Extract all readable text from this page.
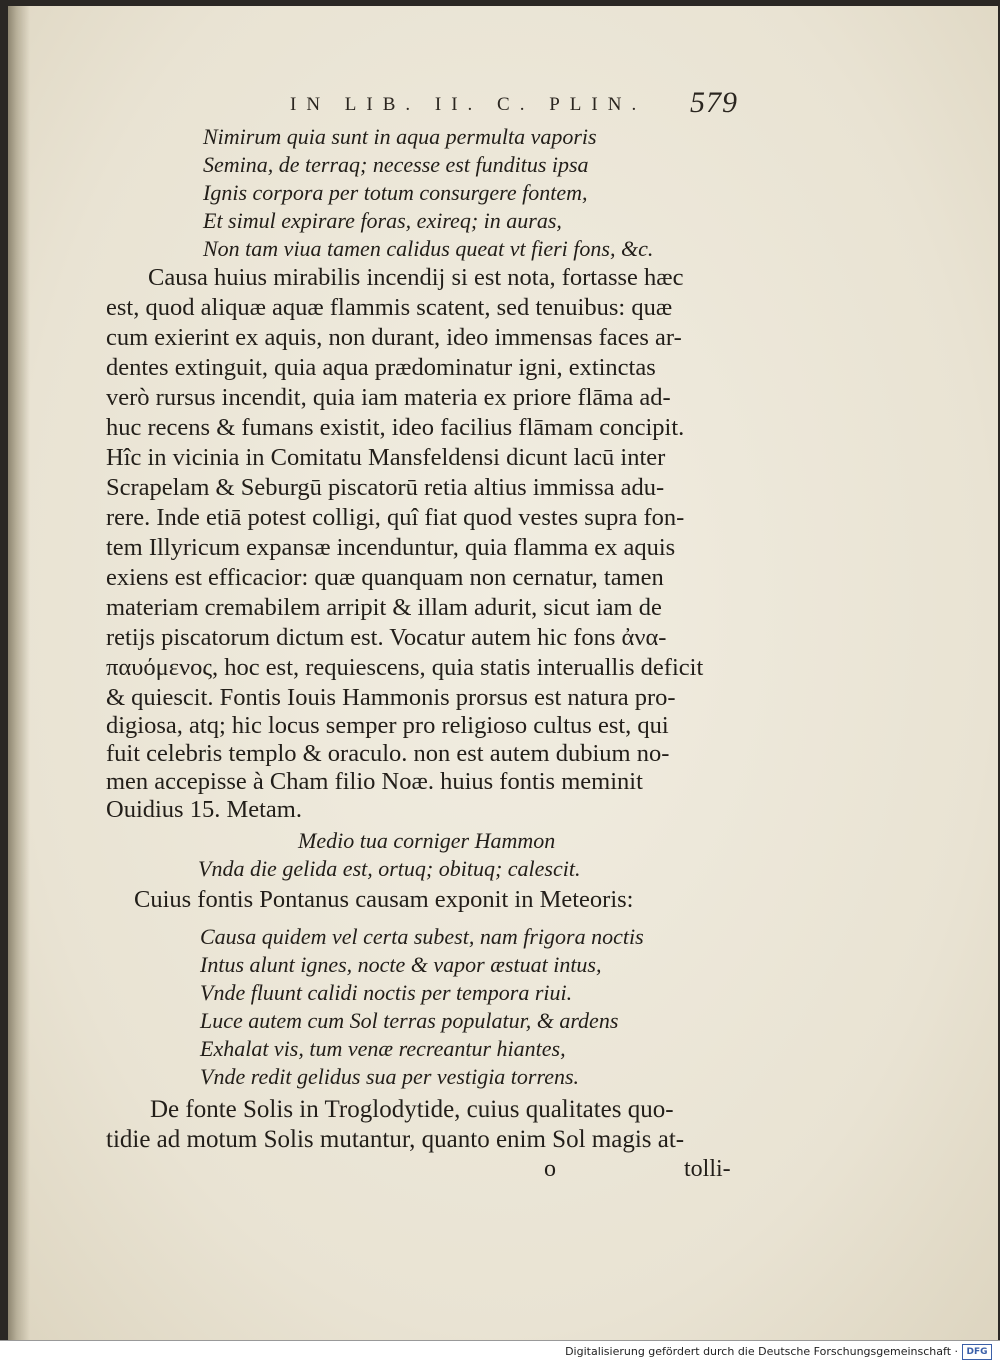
IN LIB. II. C. PLIN. 579

Nimirum quia sunt in aqua permulta vaporis

Semina, de terraq; necesse est funditus ipsa

Ignis corpora per totum consurgere fontem,

Et simul expirare foras, exireq; in auras,

Non tam viua tamen calidus queat vt fieri fons, &c.

Causa huius mirabilis incendij si est nota, fortasse hæc

est, quod aliquæ aquæ flammis scatent, sed tenuibus: quæ

cum exierint ex aquis, non durant, ideo immensas faces ar-

dentes extinguit, quia aqua prædominatur igni, extinctas

verò rursus incendit, quia iam materia ex priore flāma ad-

huc recens & fumans existit, ideo facilius flāmam concipit.

Hîc in vicinia in Comitatu Mansfeldensi dicunt lacū inter

Scrapelam & Seburgū piscatorū retia altius immissa adu-

rere. Inde etiā potest colligi, quî fiat quod vestes supra fon-

tem Illyricum expansæ incenduntur, quia flamma ex aquis

exiens est efficacior: quæ quanquam non cernatur, tamen

materiam cremabilem arripit & illam adurit, sicut iam de

retijs piscatorum dictum est. Vocatur autem hic fons ἀνα-

παυόμενος, hoc est, requiescens, quia statis interuallis deficit

& quiescit. Fontis Iouis Hammonis prorsus est natura pro-

digiosa, atq; hic locus semper pro religioso cultus est, qui

fuit celebris templo & oraculo. non est autem dubium no-

men accepisse à Cham filio Noæ. huius fontis meminit

Ouidius 15. Metam.

Medio tua corniger Hammon

Vnda die gelida est, ortuq; obituq; calescit.

Cuius fontis Pontanus causam exponit in Meteoris:

Causa quidem vel certa subest, nam frigora noctis

Intus alunt ignes, nocte & vapor æstuat intus,

Vnde fluunt calidi noctis per tempora riui.

Luce autem cum Sol terras populatur, & ardens

Exhalat vis, tum venæ recreantur hiantes,

Vnde redit gelidus sua per vestigia torrens.

De fonte Solis in Troglodytide, cuius qualitates quo-

tidie ad motum Solis mutantur, quanto enim Sol magis at-

o	tolli-

Digitalisierung gefördert durch die Deutsche Forschungsgemeinschaft · DFG
